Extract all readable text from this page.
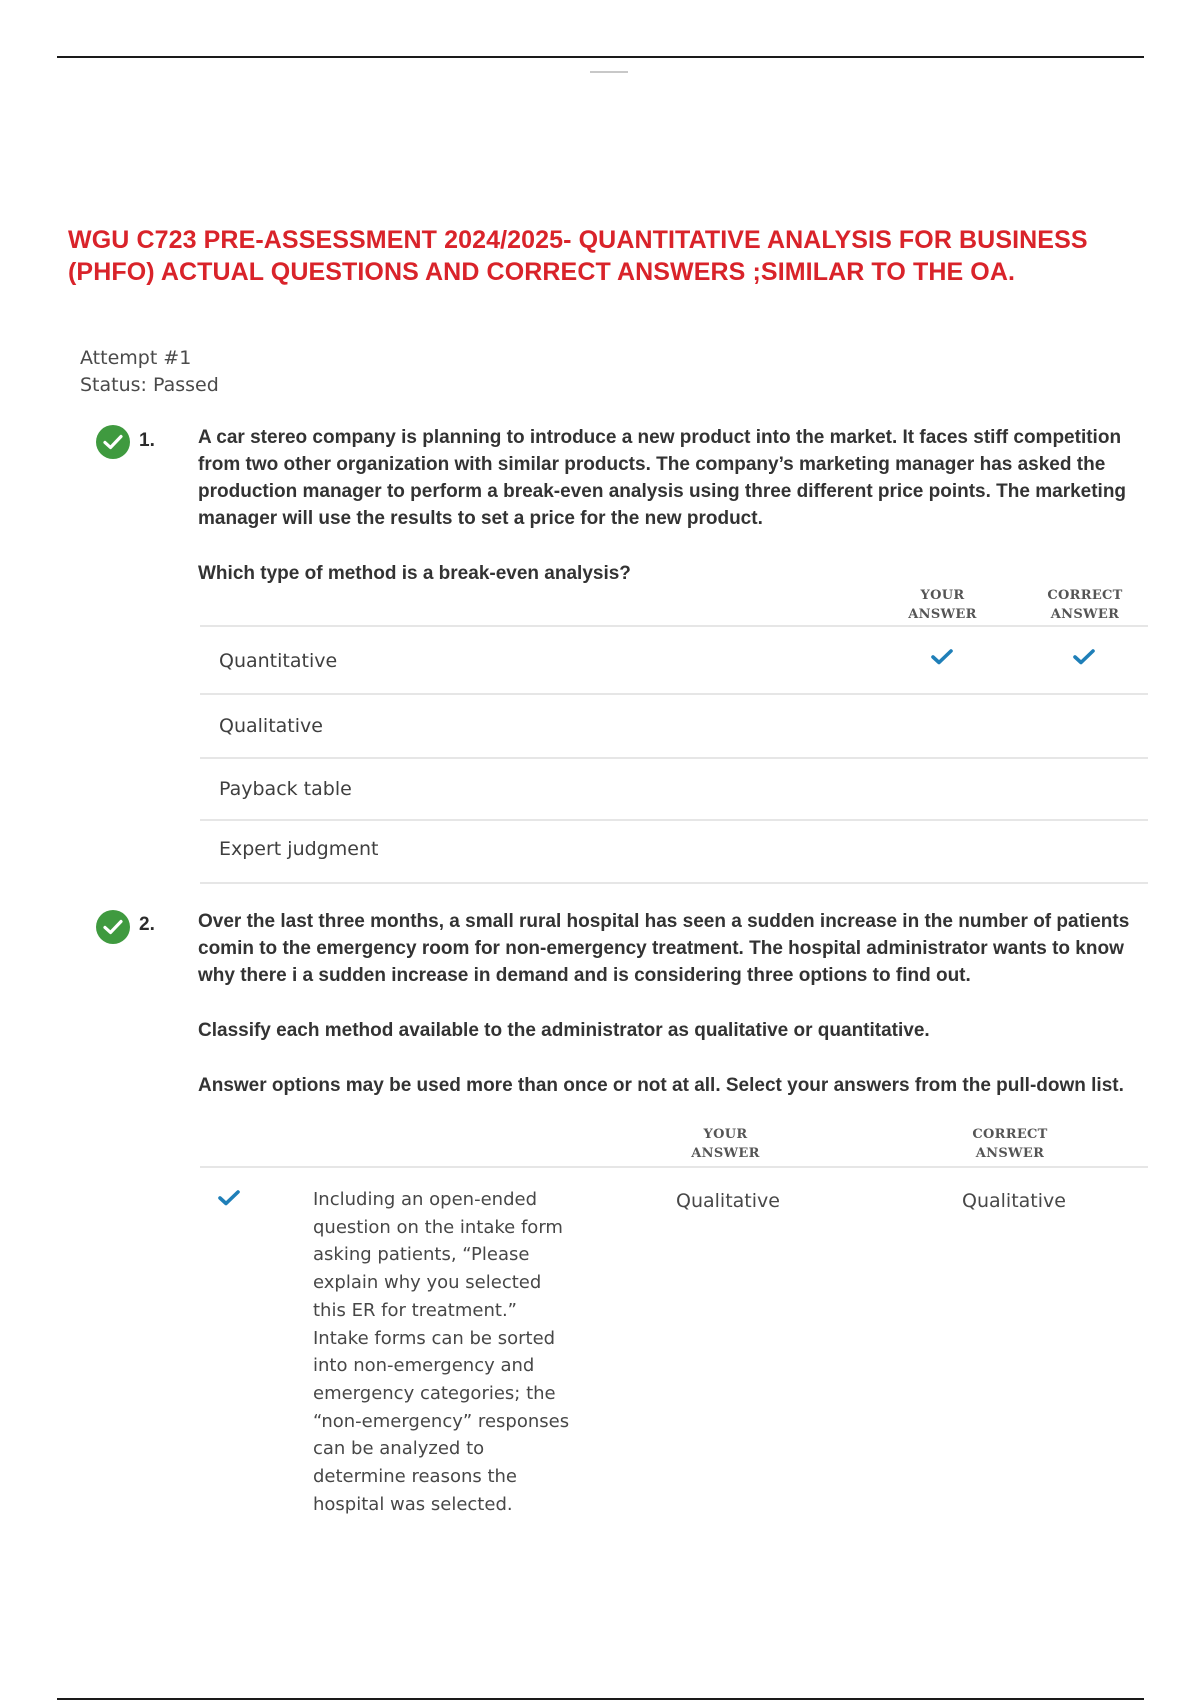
WGU C723 PRE-ASSESSMENT 2024/2025- QUANTITATIVE ANALYSIS FOR BUSINESS (PHFO) ACTUAL QUESTIONS AND CORRECT ANSWERS ;SIMILAR TO THE OA.
Attempt #1
Status: Passed
1. A car stereo company is planning to introduce a new product into the market. It faces stiff competition from two other organization with similar products. The company’s marketing manager has asked the production manager to perform a break-even analysis using three different price points. The marketing manager will use the results to set a price for the new product.

Which type of method is a break-even analysis?

YOUR ANSWER
CORRECT ANSWER
Quantitative
Qualitative
Payback table
Expert judgment
2. Over the last three months, a small rural hospital has seen a sudden increase in the number of patients comin to the emergency room for non-emergency treatment. The hospital administrator wants to know why there i a sudden increase in demand and is considering three options to find out.

Classify each method available to the administrator as qualitative or quantitative.

Answer options may be used more than once or not at all. Select your answers from the pull-down list.

YOUR ANSWER
CORRECT ANSWER
Including an open-ended question on the intake form asking patients, “Please explain why you selected this ER for treatment.” Intake forms can be sorted into non-emergency and emergency categories; the “non-emergency” responses can be analyzed to determine reasons the hospital was selected.
Qualitative	Qualitative
